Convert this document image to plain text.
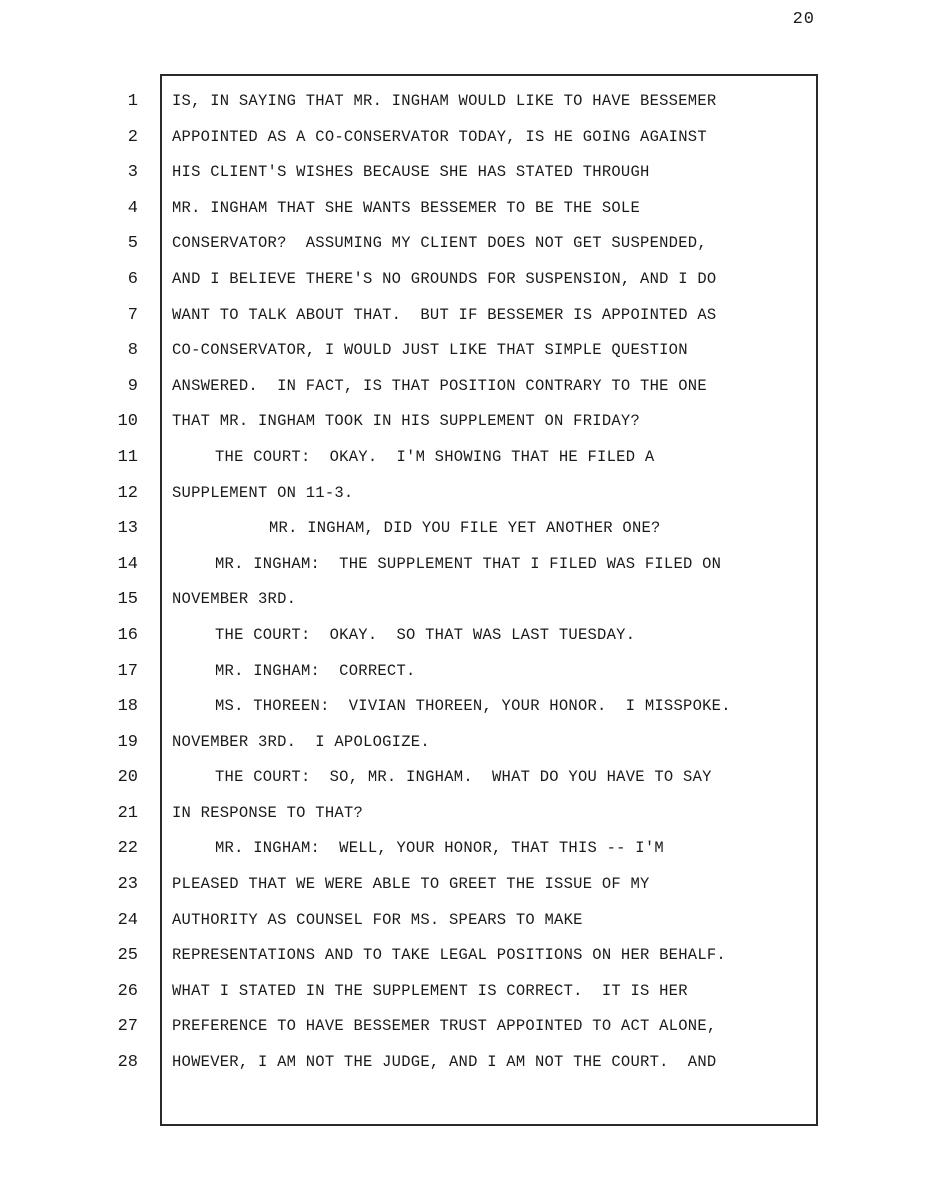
20
1 IS, IN SAYING THAT MR. INGHAM WOULD LIKE TO HAVE BESSEMER
2 APPOINTED AS A CO-CONSERVATOR TODAY, IS HE GOING AGAINST
3 HIS CLIENT'S WISHES BECAUSE SHE HAS STATED THROUGH
4 MR. INGHAM THAT SHE WANTS BESSEMER TO BE THE SOLE
5 CONSERVATOR?  ASSUMING MY CLIENT DOES NOT GET SUSPENDED,
6 AND I BELIEVE THERE'S NO GROUNDS FOR SUSPENSION, AND I DO
7 WANT TO TALK ABOUT THAT.  BUT IF BESSEMER IS APPOINTED AS
8 CO-CONSERVATOR, I WOULD JUST LIKE THAT SIMPLE QUESTION
9 ANSWERED.  IN FACT, IS THAT POSITION CONTRARY TO THE ONE
10 THAT MR. INGHAM TOOK IN HIS SUPPLEMENT ON FRIDAY?
11	THE COURT:  OKAY.  I'M SHOWING THAT HE FILED A
12 SUPPLEMENT ON 11-3.
13	MR. INGHAM, DID YOU FILE YET ANOTHER ONE?
14	MR. INGHAM:  THE SUPPLEMENT THAT I FILED WAS FILED ON
15 NOVEMBER 3RD.
16	THE COURT:  OKAY.  SO THAT WAS LAST TUESDAY.
17	MR. INGHAM:  CORRECT.
18	MS. THOREEN:  VIVIAN THOREEN, YOUR HONOR.  I MISSPOKE.
19 NOVEMBER 3RD.  I APOLOGIZE.
20	THE COURT:  SO, MR. INGHAM.  WHAT DO YOU HAVE TO SAY
21 IN RESPONSE TO THAT?
22	MR. INGHAM:  WELL, YOUR HONOR, THAT THIS -- I'M
23 PLEASED THAT WE WERE ABLE TO GREET THE ISSUE OF MY
24 AUTHORITY AS COUNSEL FOR MS. SPEARS TO MAKE
25 REPRESENTATIONS AND TO TAKE LEGAL POSITIONS ON HER BEHALF.
26 WHAT I STATED IN THE SUPPLEMENT IS CORRECT.  IT IS HER
27 PREFERENCE TO HAVE BESSEMER TRUST APPOINTED TO ACT ALONE,
28 HOWEVER, I AM NOT THE JUDGE, AND I AM NOT THE COURT.  AND
